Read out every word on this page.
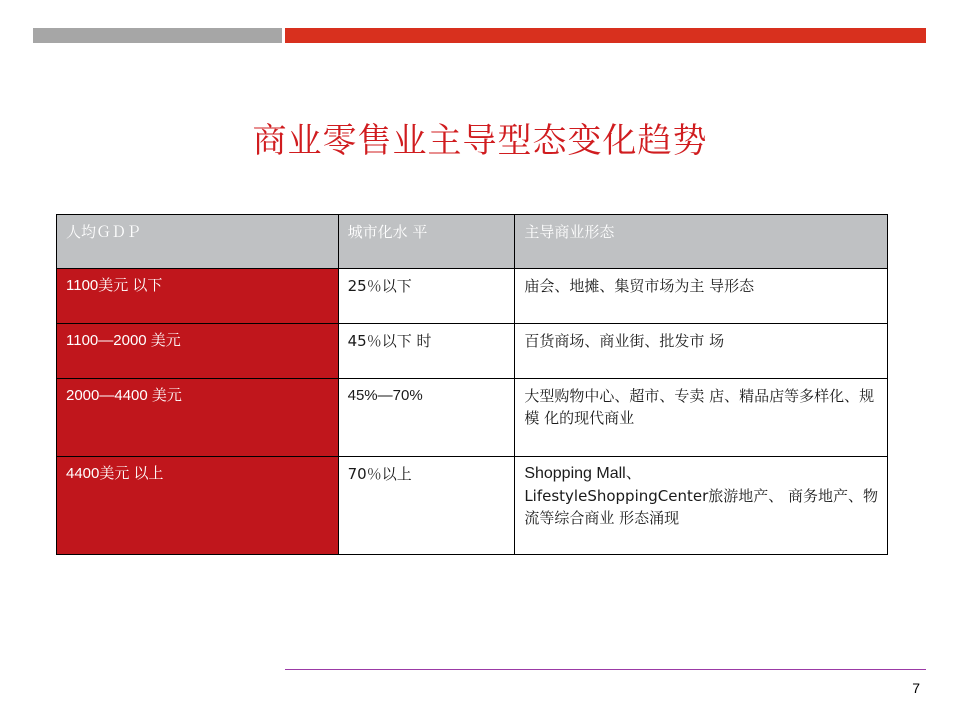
商业零售业主导型态变化趋势
人均ＧＤＰ	城市化水 平	主导商业形态
1100美元 以下	25％以下	庙会、地摊、集贸市场为主 导形态
1100—2000 美元	45％以下 时	百货商场、商业街、批发市 场
2000—4400 美元	45%—70%	大型购物中心、超市、专卖 店、精品店等多样化、规模 化的现代商业
4400美元 以上	70％以上	Shopping Mall、
LifestyleShoppingCenter旅游地产、 商务地产、物流等综合商业 形态涌现
7
